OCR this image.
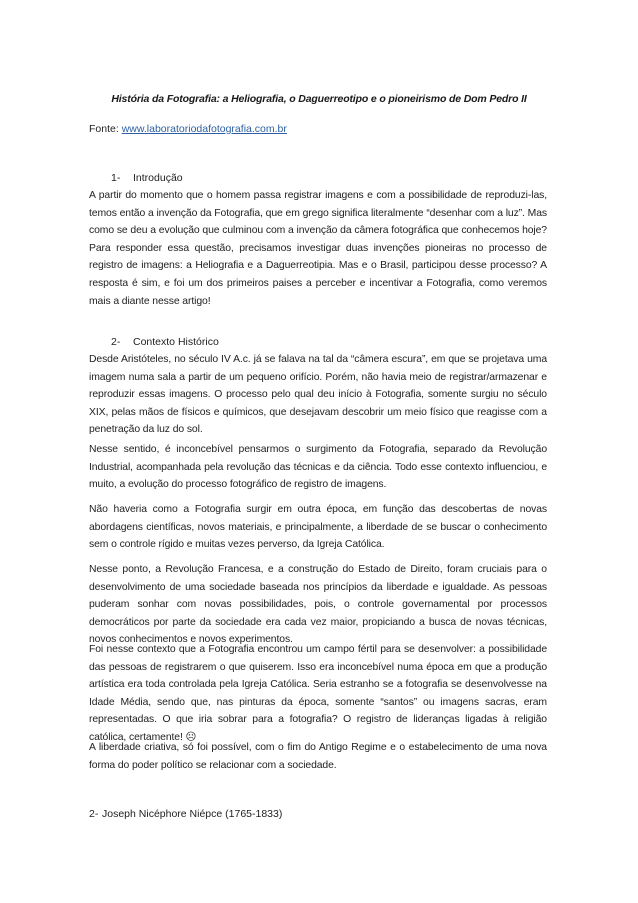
História da Fotografia: a Heliografia, o Daguerreotipo e o pioneirismo de Dom Pedro II
Fonte: www.laboratoriodafotografia.com.br
1- Introdução

A partir do momento que o homem passa registrar imagens e com a possibilidade de reproduzi-las, temos então a invenção da Fotografia, que em grego significa literalmente “desenhar com a luz”. Mas como se deu a evolução que culminou com a invenção da câmera fotográfica que conhecemos hoje? Para responder essa questão, precisamos investigar duas invenções pioneiras no processo de registro de imagens: a Heliografia e a Daguerreotipia. Mas e o Brasil, participou desse processo? A resposta é sim, e foi um dos primeiros paises a perceber e incentivar a Fotografia, como veremos mais a diante nesse artigo!

2- Contexto Histórico

Desde Aristóteles, no século IV A.c. já se falava na tal da “câmera escura”, em que se projetava uma imagem numa sala a partir de um pequeno orifício. Porém, não havia meio de registrar/armazenar e reproduzir essas imagens. O processo pelo qual deu início à Fotografia, somente surgiu no século XIX, pelas mãos de físicos e químicos, que desejavam descobrir um meio físico que reagisse com a penetração da luz do sol.

Nesse sentido, é inconcebível pensarmos o surgimento da Fotografia, separado da Revolução Industrial, acompanhada pela revolução das técnicas e da ciência. Todo esse contexto influenciou, e muito, a evolução do processo fotográfico de registro de imagens.

Não haveria como a Fotografia surgir em outra época, em função das descobertas de novas abordagens científicas, novos materiais, e principalmente, a liberdade de se buscar o conhecimento sem o controle rígido e muitas vezes perverso, da Igreja Católica.

Nesse ponto, a Revolução Francesa, e a construção do Estado de Direito, foram cruciais para o desenvolvimento de uma sociedade baseada nos princípios da liberdade e igualdade. As pessoas puderam sonhar com novas possibilidades, pois, o controle governamental por processos democráticos por parte da sociedade era cada vez maior, propiciando a busca de novas técnicas, novos conhecimentos e novos experimentos.

Foi nesse contexto que a Fotografia encontrou um campo fértil para se desenvolver: a possibilidade das pessoas de registrarem o que quiserem. Isso era inconcebível numa época em que a produção artística era toda controlada pela Igreja Católica. Seria estranho se a fotografia se desenvolvesse na Idade Média, sendo que, nas pinturas da época, somente “santos” ou imagens sacras, eram representadas. O que iria sobrar para a fotografia? O registro de lideranças ligadas à religião católica, certamente! ☹

A liberdade criativa, só foi possível, com o fim do Antigo Regime e o estabelecimento de uma nova forma do poder político se relacionar com a sociedade.

2- Joseph Nicéphore Niépce (1765-1833)
